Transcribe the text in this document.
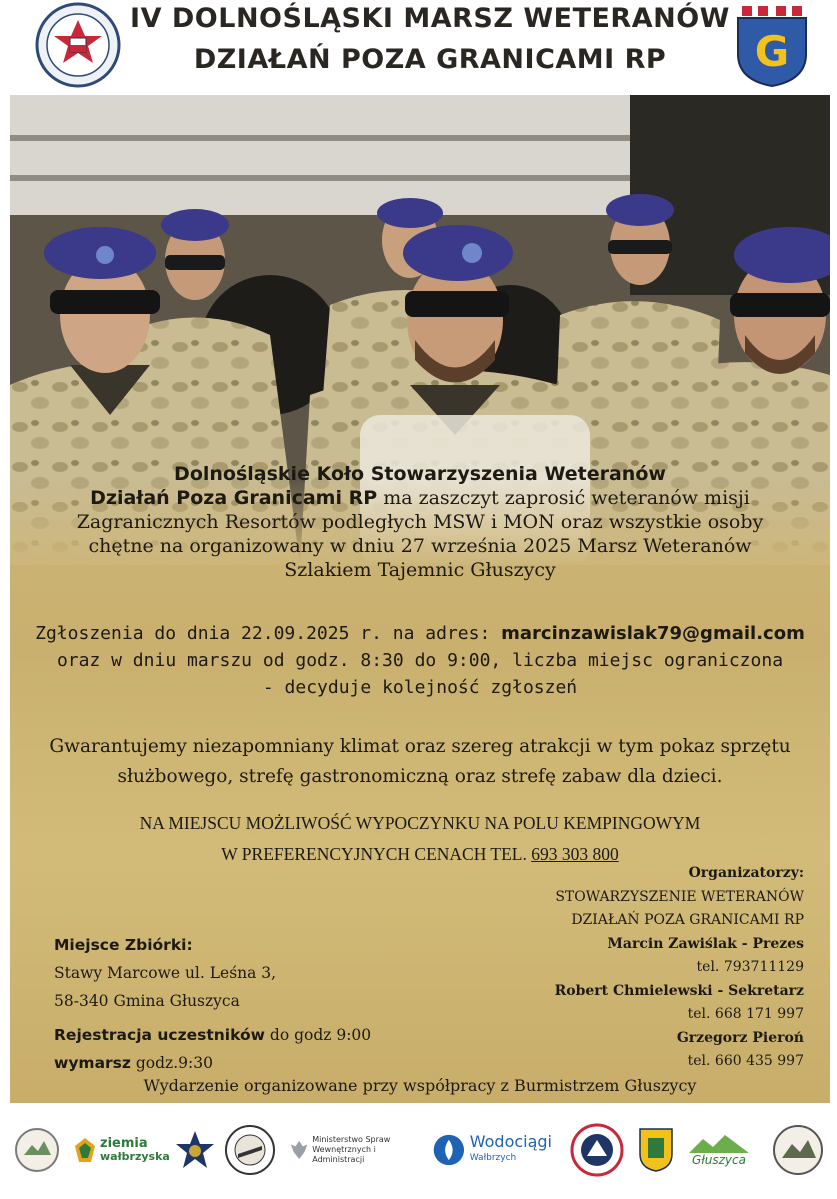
IV DOLNOŚLĄSKI MARSZ WETERANÓW
DZIAŁAŃ POZA GRANICAMI RP	G
Dolnośląskie Koło Stowarzyszenia Weteranów
Działań Poza Granicami RP ma zaszczyt zaprosić weteranów misji
Zagranicznych Resortów podległych MSW i MON oraz wszystkie osoby
chętne na organizowany w dniu 27 września 2025 Marsz Weteranów
Szlakiem Tajemnic Głuszycy
Zgłoszenia do dnia 22.09.2025 r. na adres: marcinzawislak79@gmail.com
oraz w dniu marszu od godz. 8:30 do 9:00, liczba miejsc ograniczona
- decyduje kolejność zgłoszeń
Gwarantujemy niezapomniany klimat oraz szereg atrakcji w tym pokaz sprzętu
służbowego, strefę gastronomiczną oraz strefę zabaw dla dzieci.
NA MIEJSCU MOŻLIWOŚĆ WYPOCZYNKU NA POLU KEMPINGOWYM
W PREFERENCYJNYCH CENACH TEL. 693 303 800
Organizatorzy:
STOWARZYSZENIE WETERANÓW
DZIAŁAŃ POZA GRANICAMI RP
Marcin Zawiślak - Prezes
tel. 793711129
Robert Chmielewski - Sekretarz
tel. 668 171 997
Grzegorz Pieroń
tel. 660 435 997
Miejsce Zbiórki:
Stawy Marcowe ul. Leśna 3,
58-340 Gmina Głuszyca
Rejestracja uczestników do godz 9:00
wymarsz godz.9:30
Wydarzenie organizowane przy współpracy z Burmistrzem Głuszycy
ziemia
wałbrzyska
Ministerstwo Spraw
Wewnętrznych i Administracji
Wodociągi
Wałbrzych	Głuszyca
